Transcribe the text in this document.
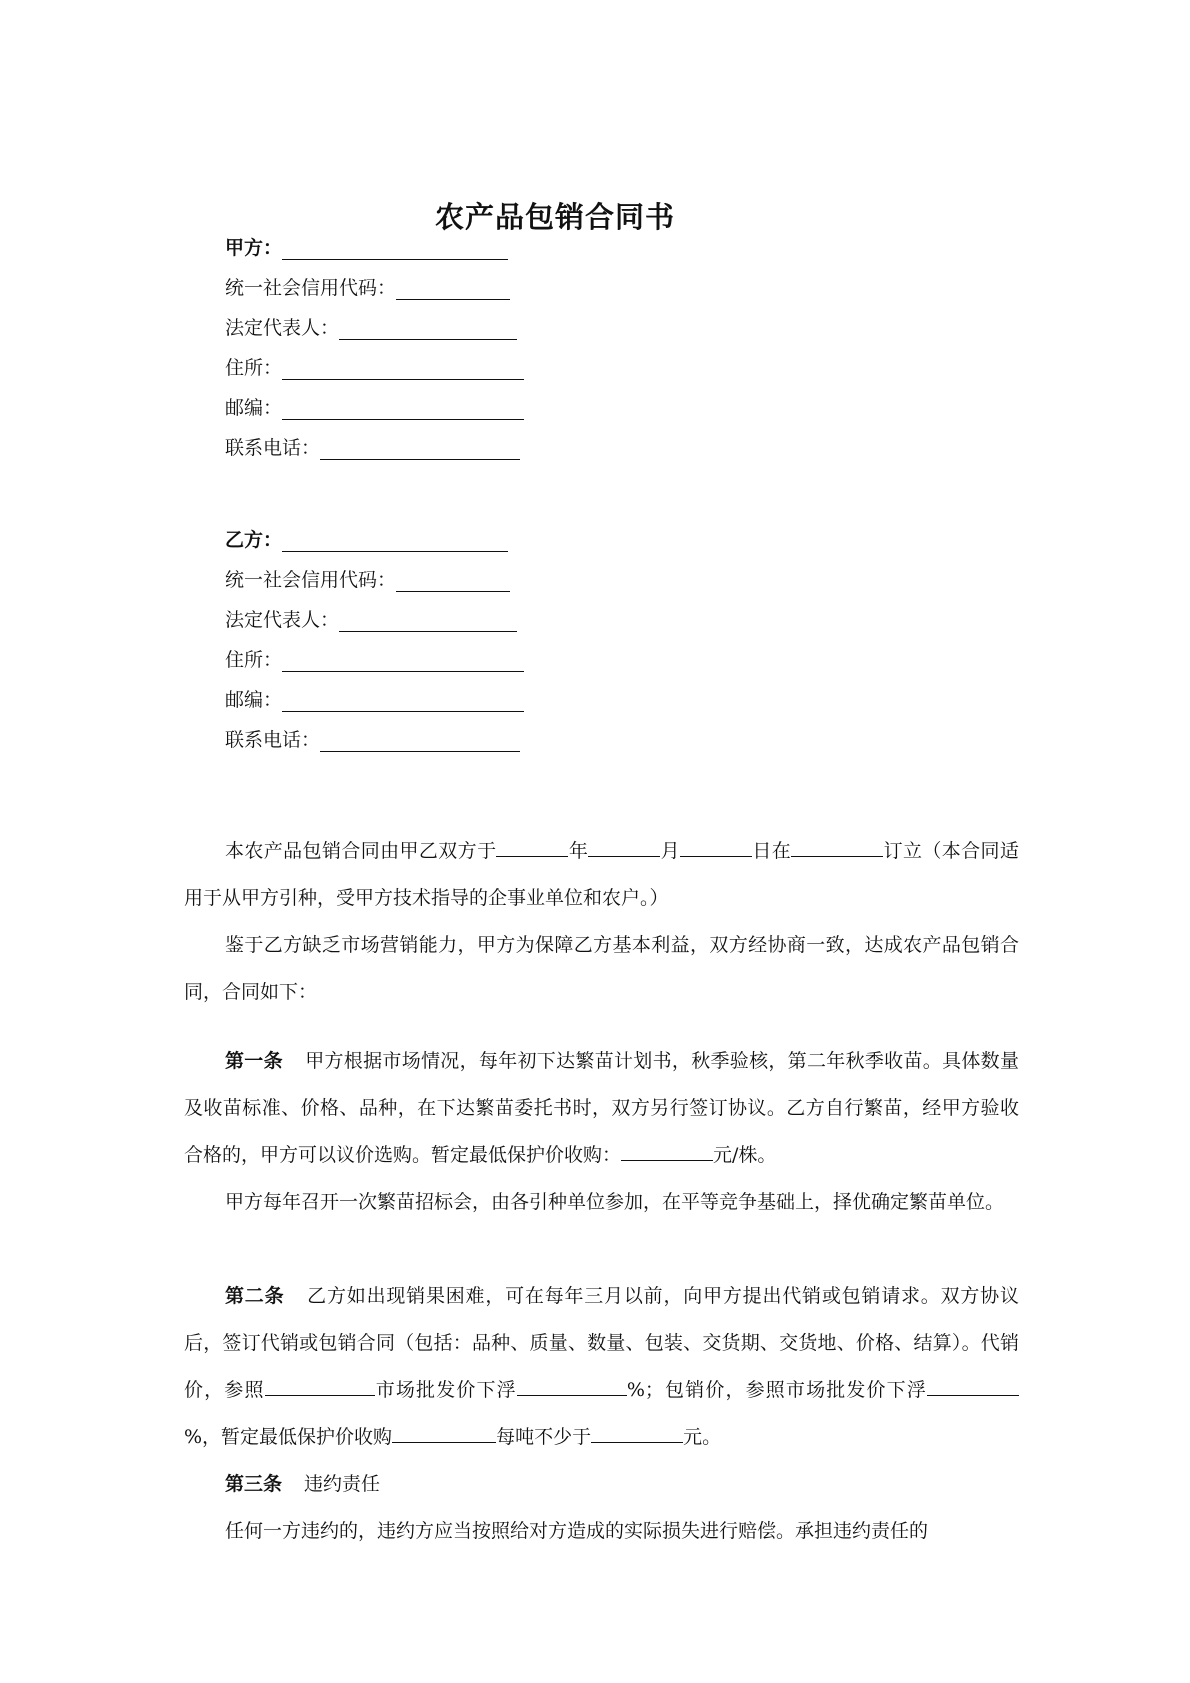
农产品包销合同书
甲方：
统一社会信用代码：
法定代表人：
住所：
邮编：
联系电话：
乙方：
统一社会信用代码：
法定代表人：
住所：
邮编：
联系电话：

本农产品包销合同由甲乙双方于	年	月	日在	订立（本合同适用于从甲方引种，受甲方技术指导的企事业单位和农户。）

鉴于乙方缺乏市场营销能力，甲方为保障乙方基本利益，双方经协商一致，达成农产品包销合同，合同如下：

第一条 甲方根据市场情况，每年初下达繁苗计划书，秋季验核，第二年秋季收苗。具体数量及收苗标准、价格、品种，在下达繁苗委托书时，双方另行签订协议。乙方自行繁苗，经甲方验收合格的，甲方可以议价选购。暂定最低保护价收购：	元/株。

甲方每年召开一次繁苗招标会，由各引种单位参加，在平等竞争基础上，择优确定繁苗单位。

第二条 乙方如出现销果困难，可在每年三月以前，向甲方提出代销或包销请求。双方协议后，签订代销或包销合同（包括：品种、质量、数量、包装、交货期、交货地、价格、结算）。代销价，参照	市场批发价下浮	%；包销价，参照市场批发价下浮%，暂定最低保护价收购	每吨不少于	元。

第三条 违约责任

任何一方违约的，违约方应当按照给对方造成的实际损失进行赔偿。承担违约责任的
